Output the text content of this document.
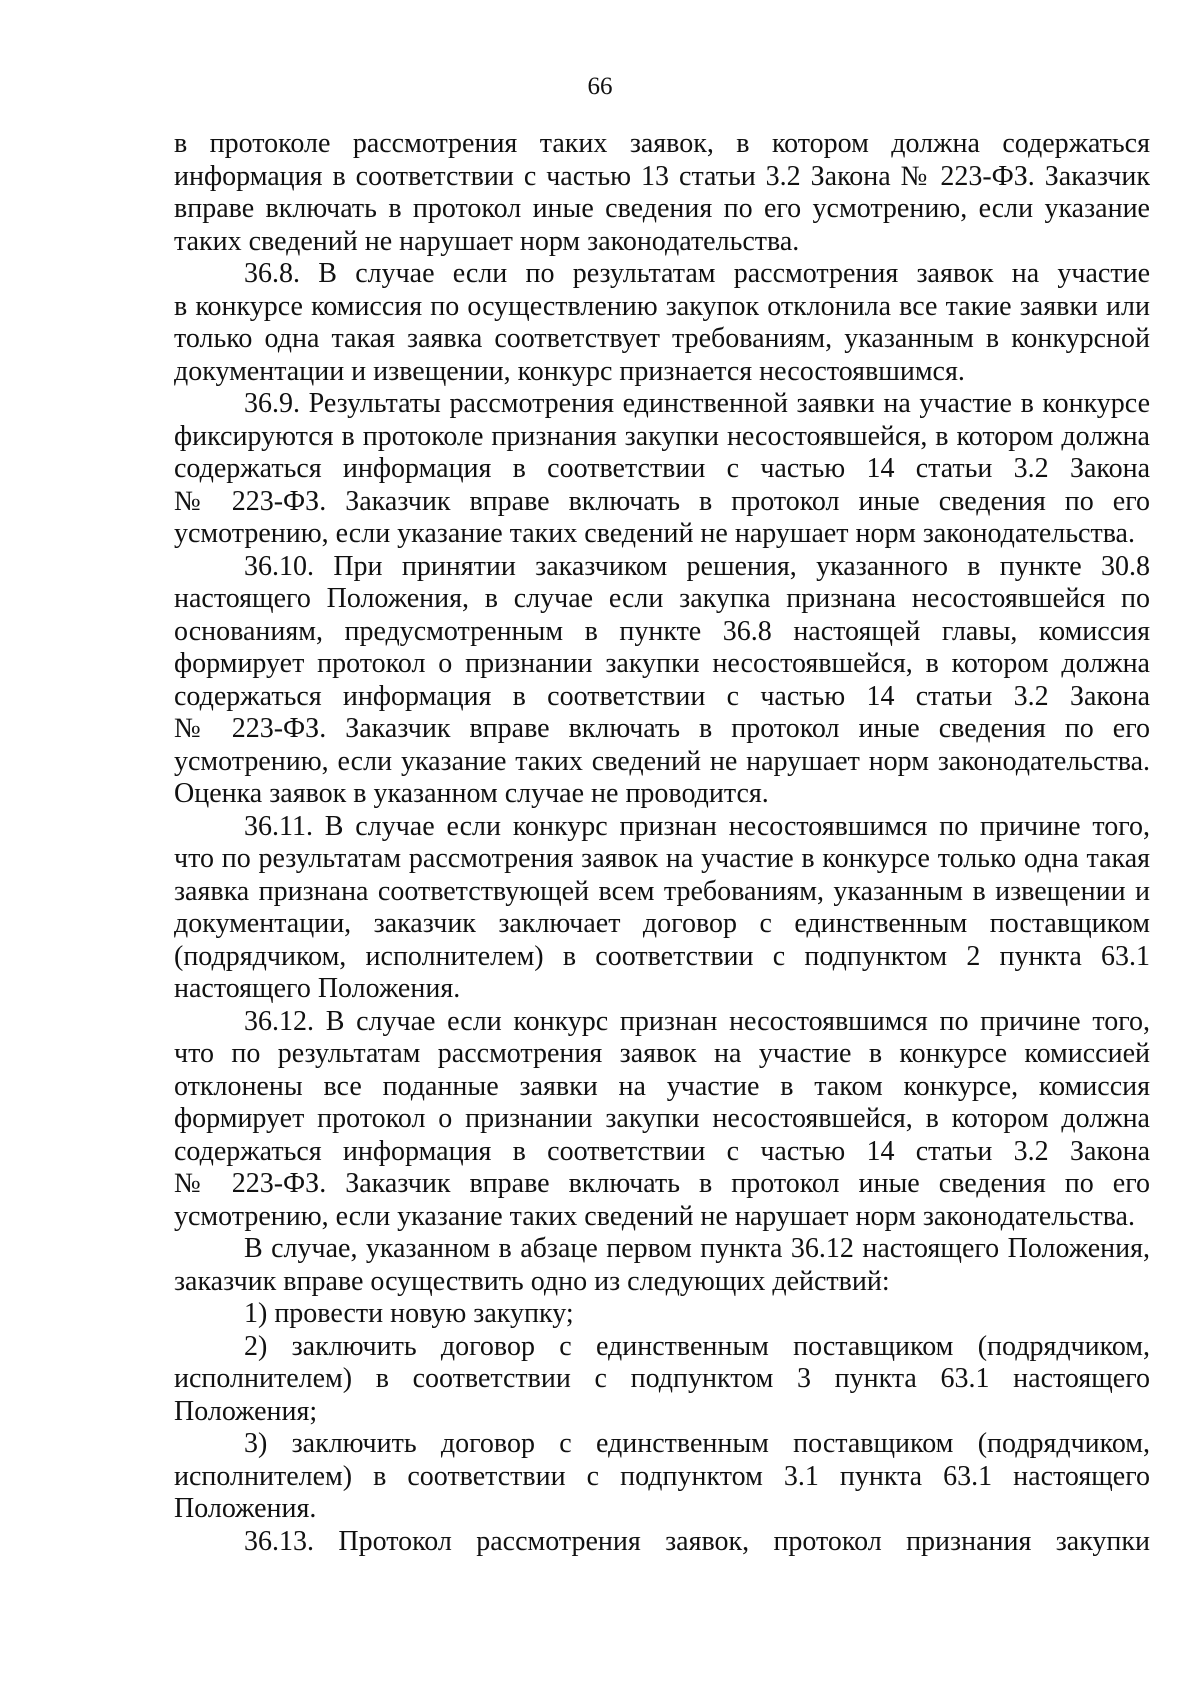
66
в протоколе рассмотрения таких заявок, в котором должна содержаться
информация в соответствии с частью 13 статьи 3.2 Закона № 223-ФЗ. Заказчик
вправе включать в протокол иные сведения по его усмотрению, если указание
таких сведений не нарушает норм законодательства.
36.8. В случае если по результатам рассмотрения заявок на участие
в конкурсе комиссия по осуществлению закупок отклонила все такие заявки или
только одна такая заявка соответствует требованиям, указанным в конкурсной
документации и извещении, конкурс признается несостоявшимся.
36.9. Результаты рассмотрения единственной заявки на участие в конкурсе
фиксируются в протоколе признания закупки несостоявшейся, в котором должна
содержаться информация в соответствии с частью 14 статьи 3.2 Закона
№ 223-ФЗ. Заказчик вправе включать в протокол иные сведения по его
усмотрению, если указание таких сведений не нарушает норм законодательства.
36.10. При принятии заказчиком решения, указанного в пункте 30.8
настоящего Положения, в случае если закупка признана несостоявшейся по
основаниям, предусмотренным в пункте 36.8 настоящей главы, комиссия
формирует протокол о признании закупки несостоявшейся, в котором должна
содержаться информация в соответствии с частью 14 статьи 3.2 Закона
№ 223-ФЗ. Заказчик вправе включать в протокол иные сведения по его
усмотрению, если указание таких сведений не нарушает норм законодательства.
Оценка заявок в указанном случае не проводится.
36.11. В случае если конкурс признан несостоявшимся по причине того,
что по результатам рассмотрения заявок на участие в конкурсе только одна такая
заявка признана соответствующей всем требованиям, указанным в извещении и
документации, заказчик заключает договор с единственным поставщиком
(подрядчиком, исполнителем) в соответствии с подпунктом 2 пункта 63.1
настоящего Положения.
36.12. В случае если конкурс признан несостоявшимся по причине того,
что по результатам рассмотрения заявок на участие в конкурсе комиссией
отклонены все поданные заявки на участие в таком конкурсе, комиссия
формирует протокол о признании закупки несостоявшейся, в котором должна
содержаться информация в соответствии с частью 14 статьи 3.2 Закона
№ 223-ФЗ. Заказчик вправе включать в протокол иные сведения по его
усмотрению, если указание таких сведений не нарушает норм законодательства.
В случае, указанном в абзаце первом пункта 36.12 настоящего Положения,
заказчик вправе осуществить одно из следующих действий:
1) провести новую закупку;
2) заключить договор с единственным поставщиком (подрядчиком,
исполнителем) в соответствии с подпунктом 3 пункта 63.1 настоящего
Положения;
3) заключить договор с единственным поставщиком (подрядчиком,
исполнителем) в соответствии с подпунктом 3.1 пункта 63.1 настоящего
Положения.
36.13. Протокол рассмотрения заявок, протокол признания закупки
